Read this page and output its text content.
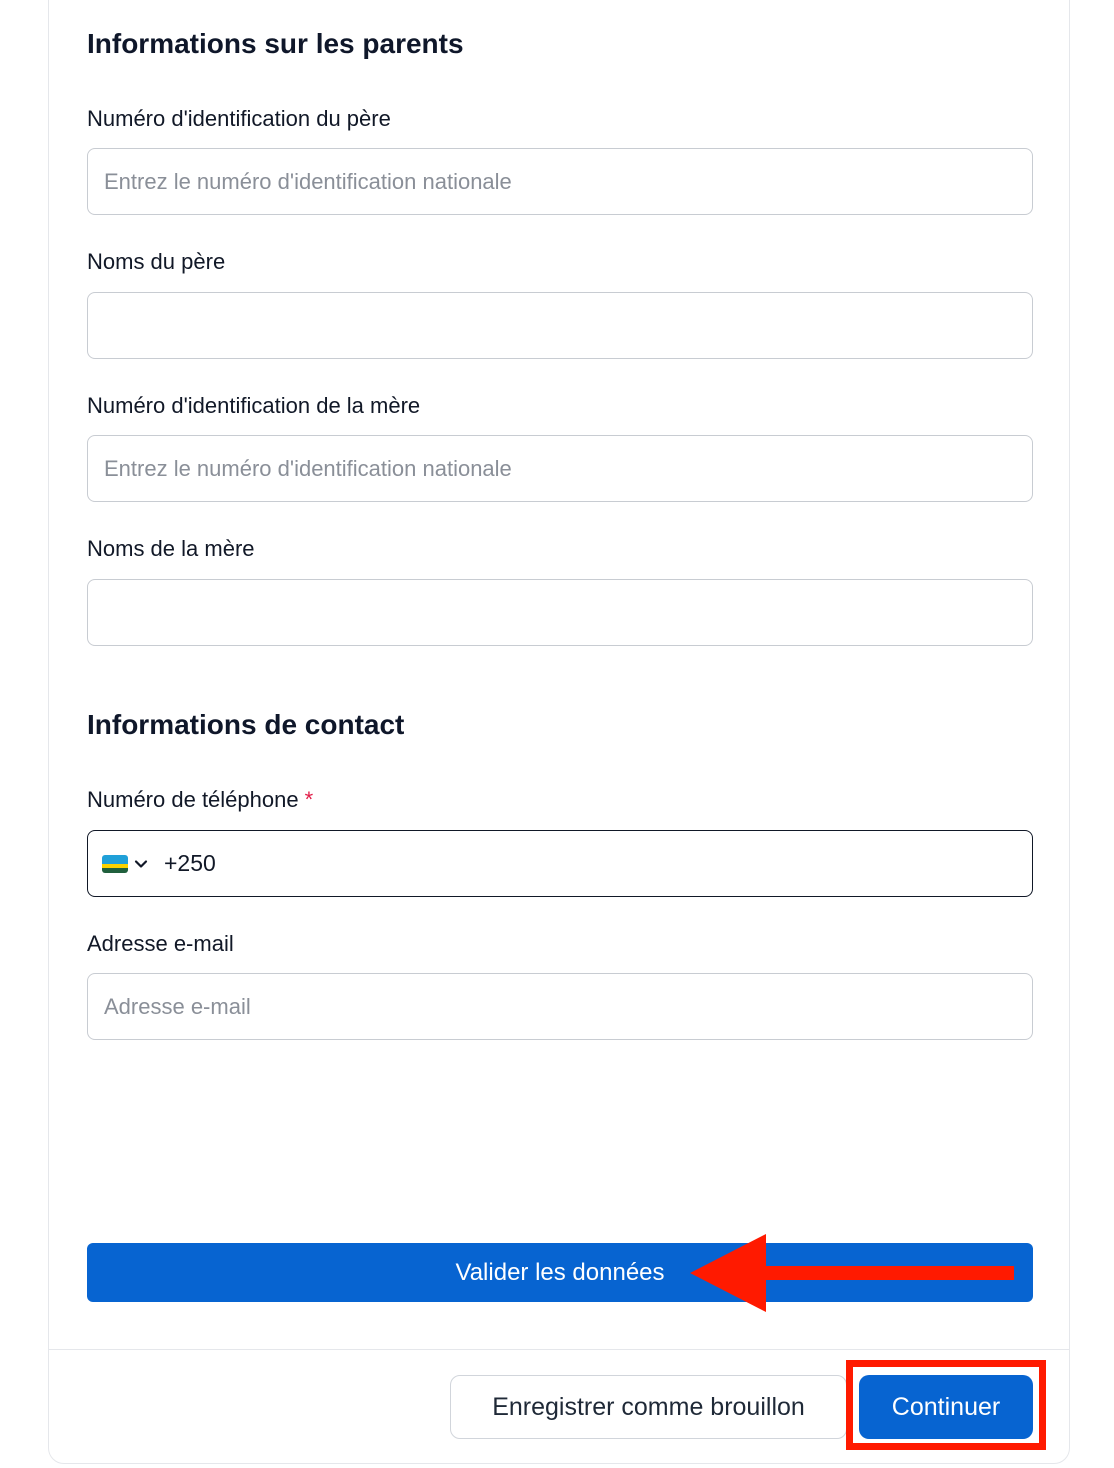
Informations sur les parents
Numéro d'identification du père
Entrez le numéro d'identification nationale
Noms du père
Numéro d'identification de la mère
Entrez le numéro d'identification nationale
Noms de la mère
Informations de contact
Numéro de téléphone *
+250
Adresse e-mail
Adresse e-mail
Valider les données
Enregistrer comme brouillon	Continuer
